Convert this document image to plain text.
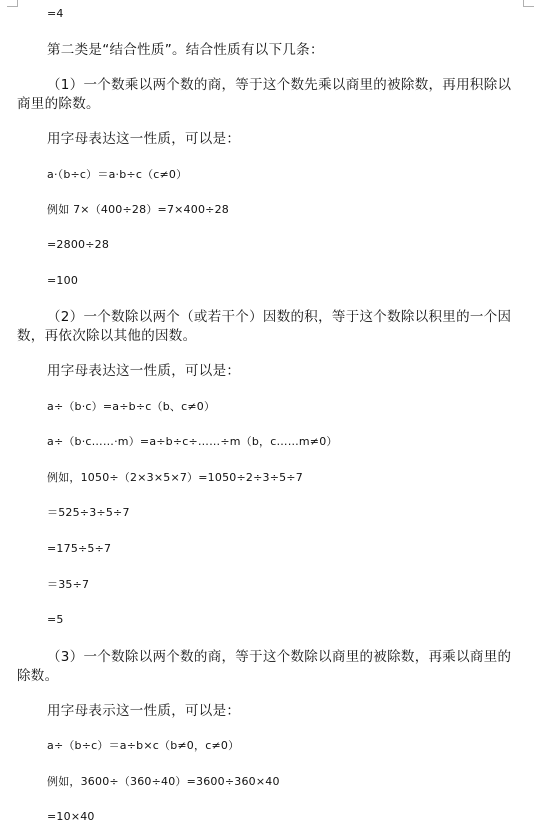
=4
第二类是“结合性质”。结合性质有以下几条：
（1）一个数乘以两个数的商，等于这个数先乘以商里的被除数，再用积除以商里的除数。
用字母表达这一性质，可以是：
a·（b÷c）＝a·b÷c（c≠0）
例如 7×（400÷28）=7×400÷28
=2800÷28
=100
（2）一个数除以两个（或若干个）因数的积，等于这个数除以积里的一个因数，再依次除以其他的因数。
用字母表达这一性质，可以是：
a÷（b·c）=a÷b÷c（b、c≠0）
a÷（b·c……·m）=a÷b÷c÷……÷m（b，c……m≠0）
例如，1050÷（2×3×5×7）=1050÷2÷3÷5÷7
＝525÷3÷5÷7
=175÷5÷7
＝35÷7
=5
（3）一个数除以两个数的商，等于这个数除以商里的被除数，再乘以商里的除数。
用字母表示这一性质，可以是：
a÷（b÷c）＝a÷b×c（b≠0，c≠0）
例如，3600÷（360÷40）=3600÷360×40
=10×40
